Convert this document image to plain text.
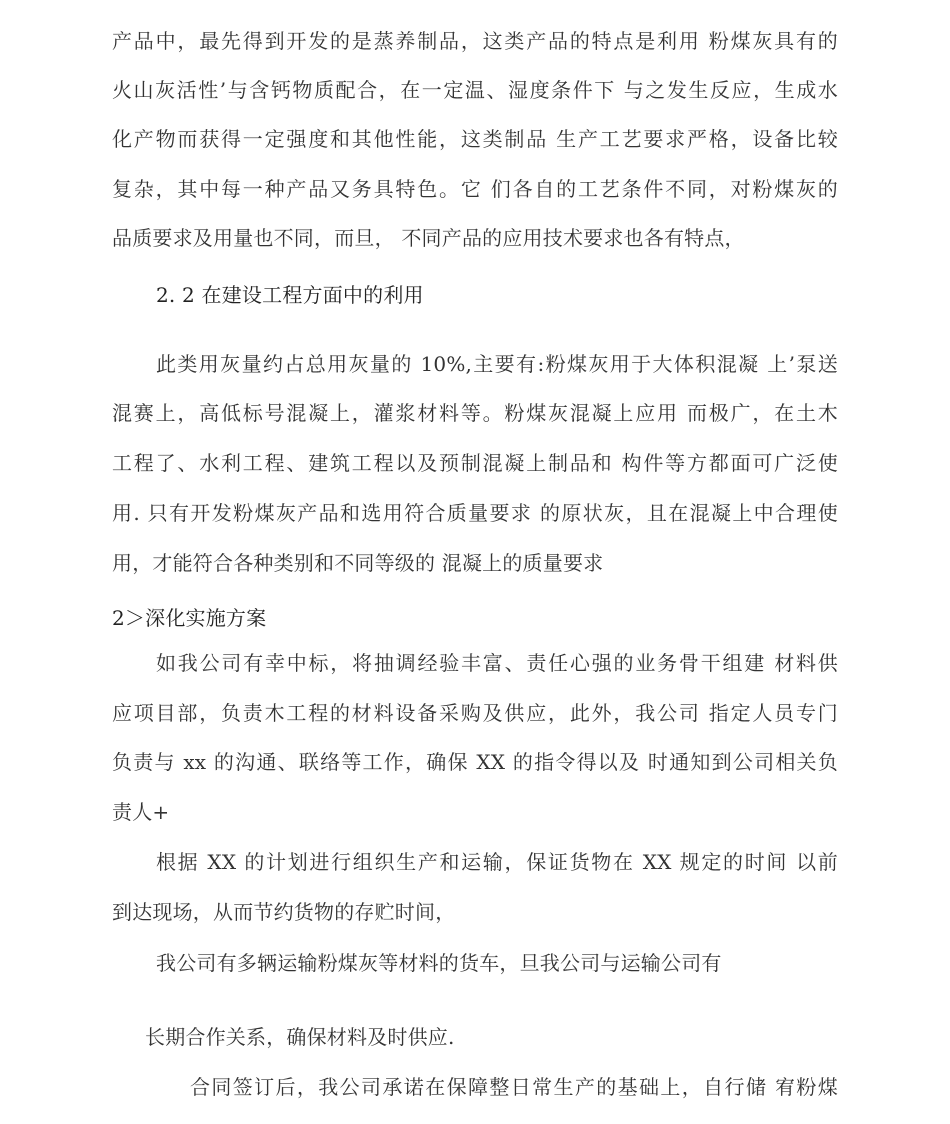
产品中，最先得到开发的是蒸养制品，这类产品的特点是利用 粉煤灰具有的
火山灰活性’与含钙物质配合，在一定温、湿度条件下 与之发生反应，生成水
化产物而获得一定强度和其他性能，这类制品 生产工艺要求严格，设备比较
复杂，其中每一种产品又务具特色。它 们各自的工艺条件不同，对粉煤灰的
品质要求及用量也不同，而旦， 不同产品的应用技术要求也各有特点，
2. 2 在建设工程方面中的利用
此类用灰量约占总用灰量的 10%,主要有:粉煤灰用于大体积混凝 上’泵送
混赛上，高低标号混凝上，灌浆材料等。粉煤灰混凝上应用 而极广，在土木
工程了、水利工程、建筑工程以及预制混凝上制品和 构件等方都面可广泛使
用. 只有开发粉煤灰产品和选用符合质量要求 的原状灰，且在混凝上中合理使
用，才能符合各种类别和不同等级的 混凝上的质量要求
2＞深化实施方案
如我公司有幸中标，将抽调经验丰富、责任心强的业务骨干组建 材料供
应项目部，负责木工程的材料设备采购及供应，此外，我公司 指定人员专门
负责与 xx 的沟通、联络等工作，确保 XX 的指令得以及 时通知到公司相关负
责人+
根据 XX 的计划进行组织生产和运输，保证货物在 XX 规定的时间 以前
到达现场，从而节约货物的存贮时间，
我公司有多辆运输粉煤灰等材料的货车，旦我公司与运输公司有
长期合作关系，确保材料及时供应.
合同签订后，我公司承诺在保障整日常生产的基础上，自行储 宥粉煤
